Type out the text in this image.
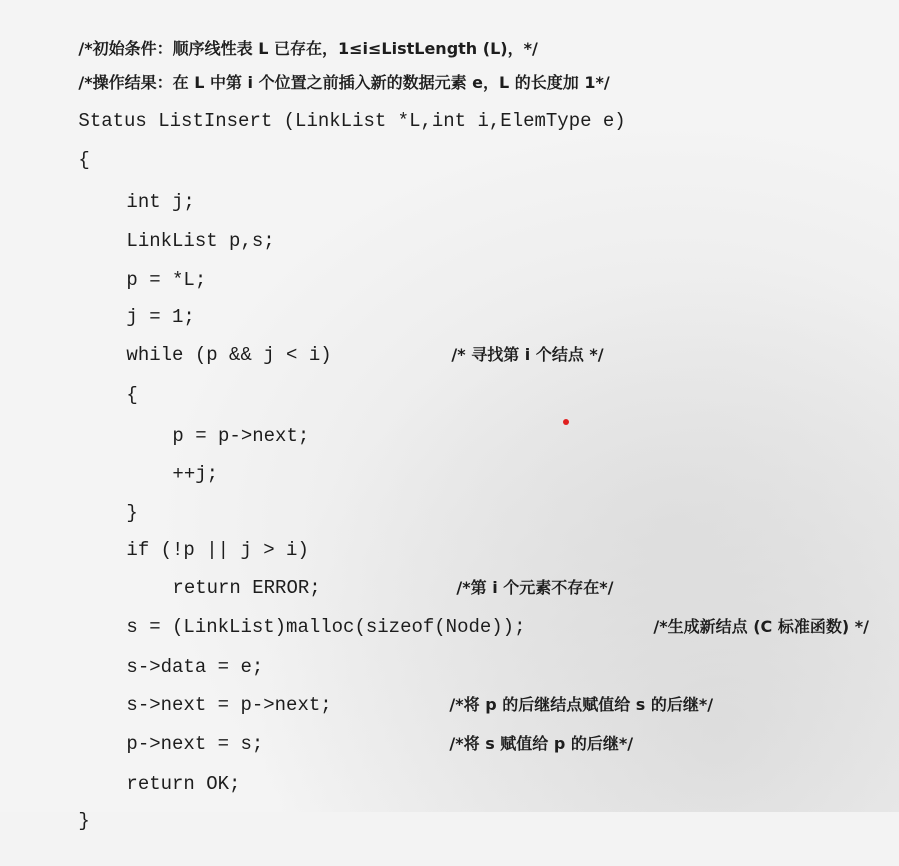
/*初始条件：顺序线性表 L 已存在，1≤i≤ListLength (L)，*/

/*操作结果：在 L 中第 i 个位置之前插入新的数据元素 e，L 的长度加 1*/

Status ListInsert (LinkList *L,int i,ElemType e)

{

int j;

LinkList p,s;

p = *L;

j = 1;

while (p && j < i)
	/* 寻找第 i 个结点 */

{

p = p->next;

++j;

}

if (!p || j > i)

return ERROR;
	/*第 i 个元素不存在*/

s = (LinkList)malloc(sizeof(Node));
	/*生成新结点 (C 标准函数) */

s->data = e;

s->next = p->next;
	/*将 p 的后继结点赋值给 s 的后继*/

p->next = s;
	/*将 s 赋值给 p 的后继*/

return OK;

}
